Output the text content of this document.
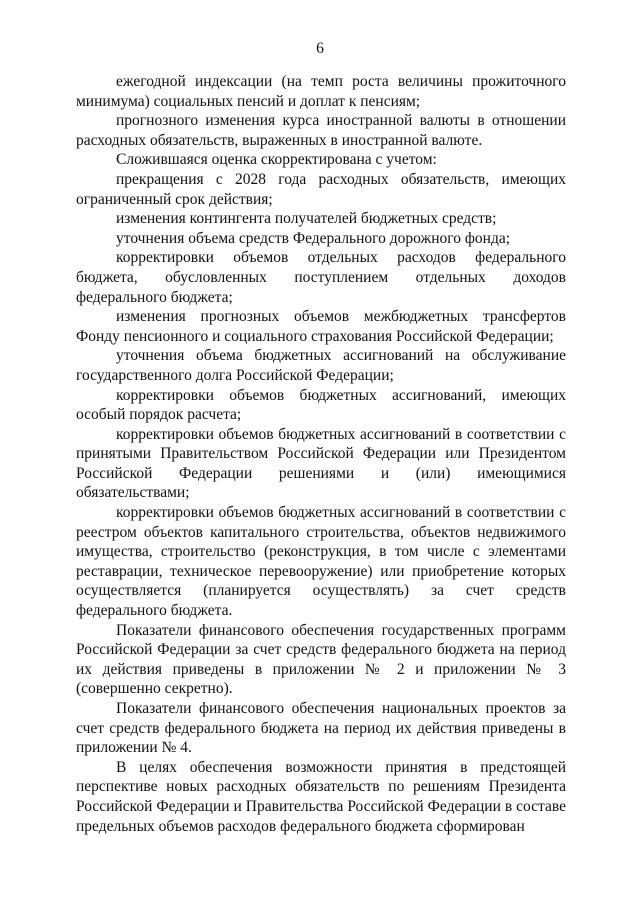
6

ежегодной индексации (на темп роста величины прожиточного минимума) социальных пенсий и доплат к пенсиям;

прогнозного изменения курса иностранной валюты в отношении расходных обязательств, выраженных в иностранной валюте.

Сложившаяся оценка скорректирована с учетом:

прекращения с 2028 года расходных обязательств, имеющих ограниченный срок действия;

изменения контингента получателей бюджетных средств;

уточнения объема средств Федерального дорожного фонда;

корректировки объемов отдельных расходов федерального бюджета, обусловленных поступлением отдельных доходов федерального бюджета;

изменения прогнозных объемов межбюджетных трансфертов Фонду пенсионного и социального страхования Российской Федерации;

уточнения объема бюджетных ассигнований на обслуживание государственного долга Российской Федерации;

корректировки объемов бюджетных ассигнований, имеющих особый порядок расчета;

корректировки объемов бюджетных ассигнований в соответствии с принятыми Правительством Российской Федерации или Президентом Российской Федерации решениями и (или) имеющимися обязательствами;

корректировки объемов бюджетных ассигнований в соответствии с реестром объектов капитального строительства, объектов недвижимого имущества, строительство (реконструкция, в том числе с элементами реставрации, техническое перевооружение) или приобретение которых осуществляется (планируется осуществлять) за счет средств федерального бюджета.

Показатели финансового обеспечения государственных программ Российской Федерации за счет средств федерального бюджета на период их действия приведены в приложении № 2 и приложении № 3 (совершенно секретно).

Показатели финансового обеспечения национальных проектов за счет средств федерального бюджета на период их действия приведены в приложении № 4.

В целях обеспечения возможности принятия в предстоящей перспективе новых расходных обязательств по решениям Президента Российской Федерации и Правительства Российской Федерации в составе предельных объемов расходов федерального бюджета сформирован
